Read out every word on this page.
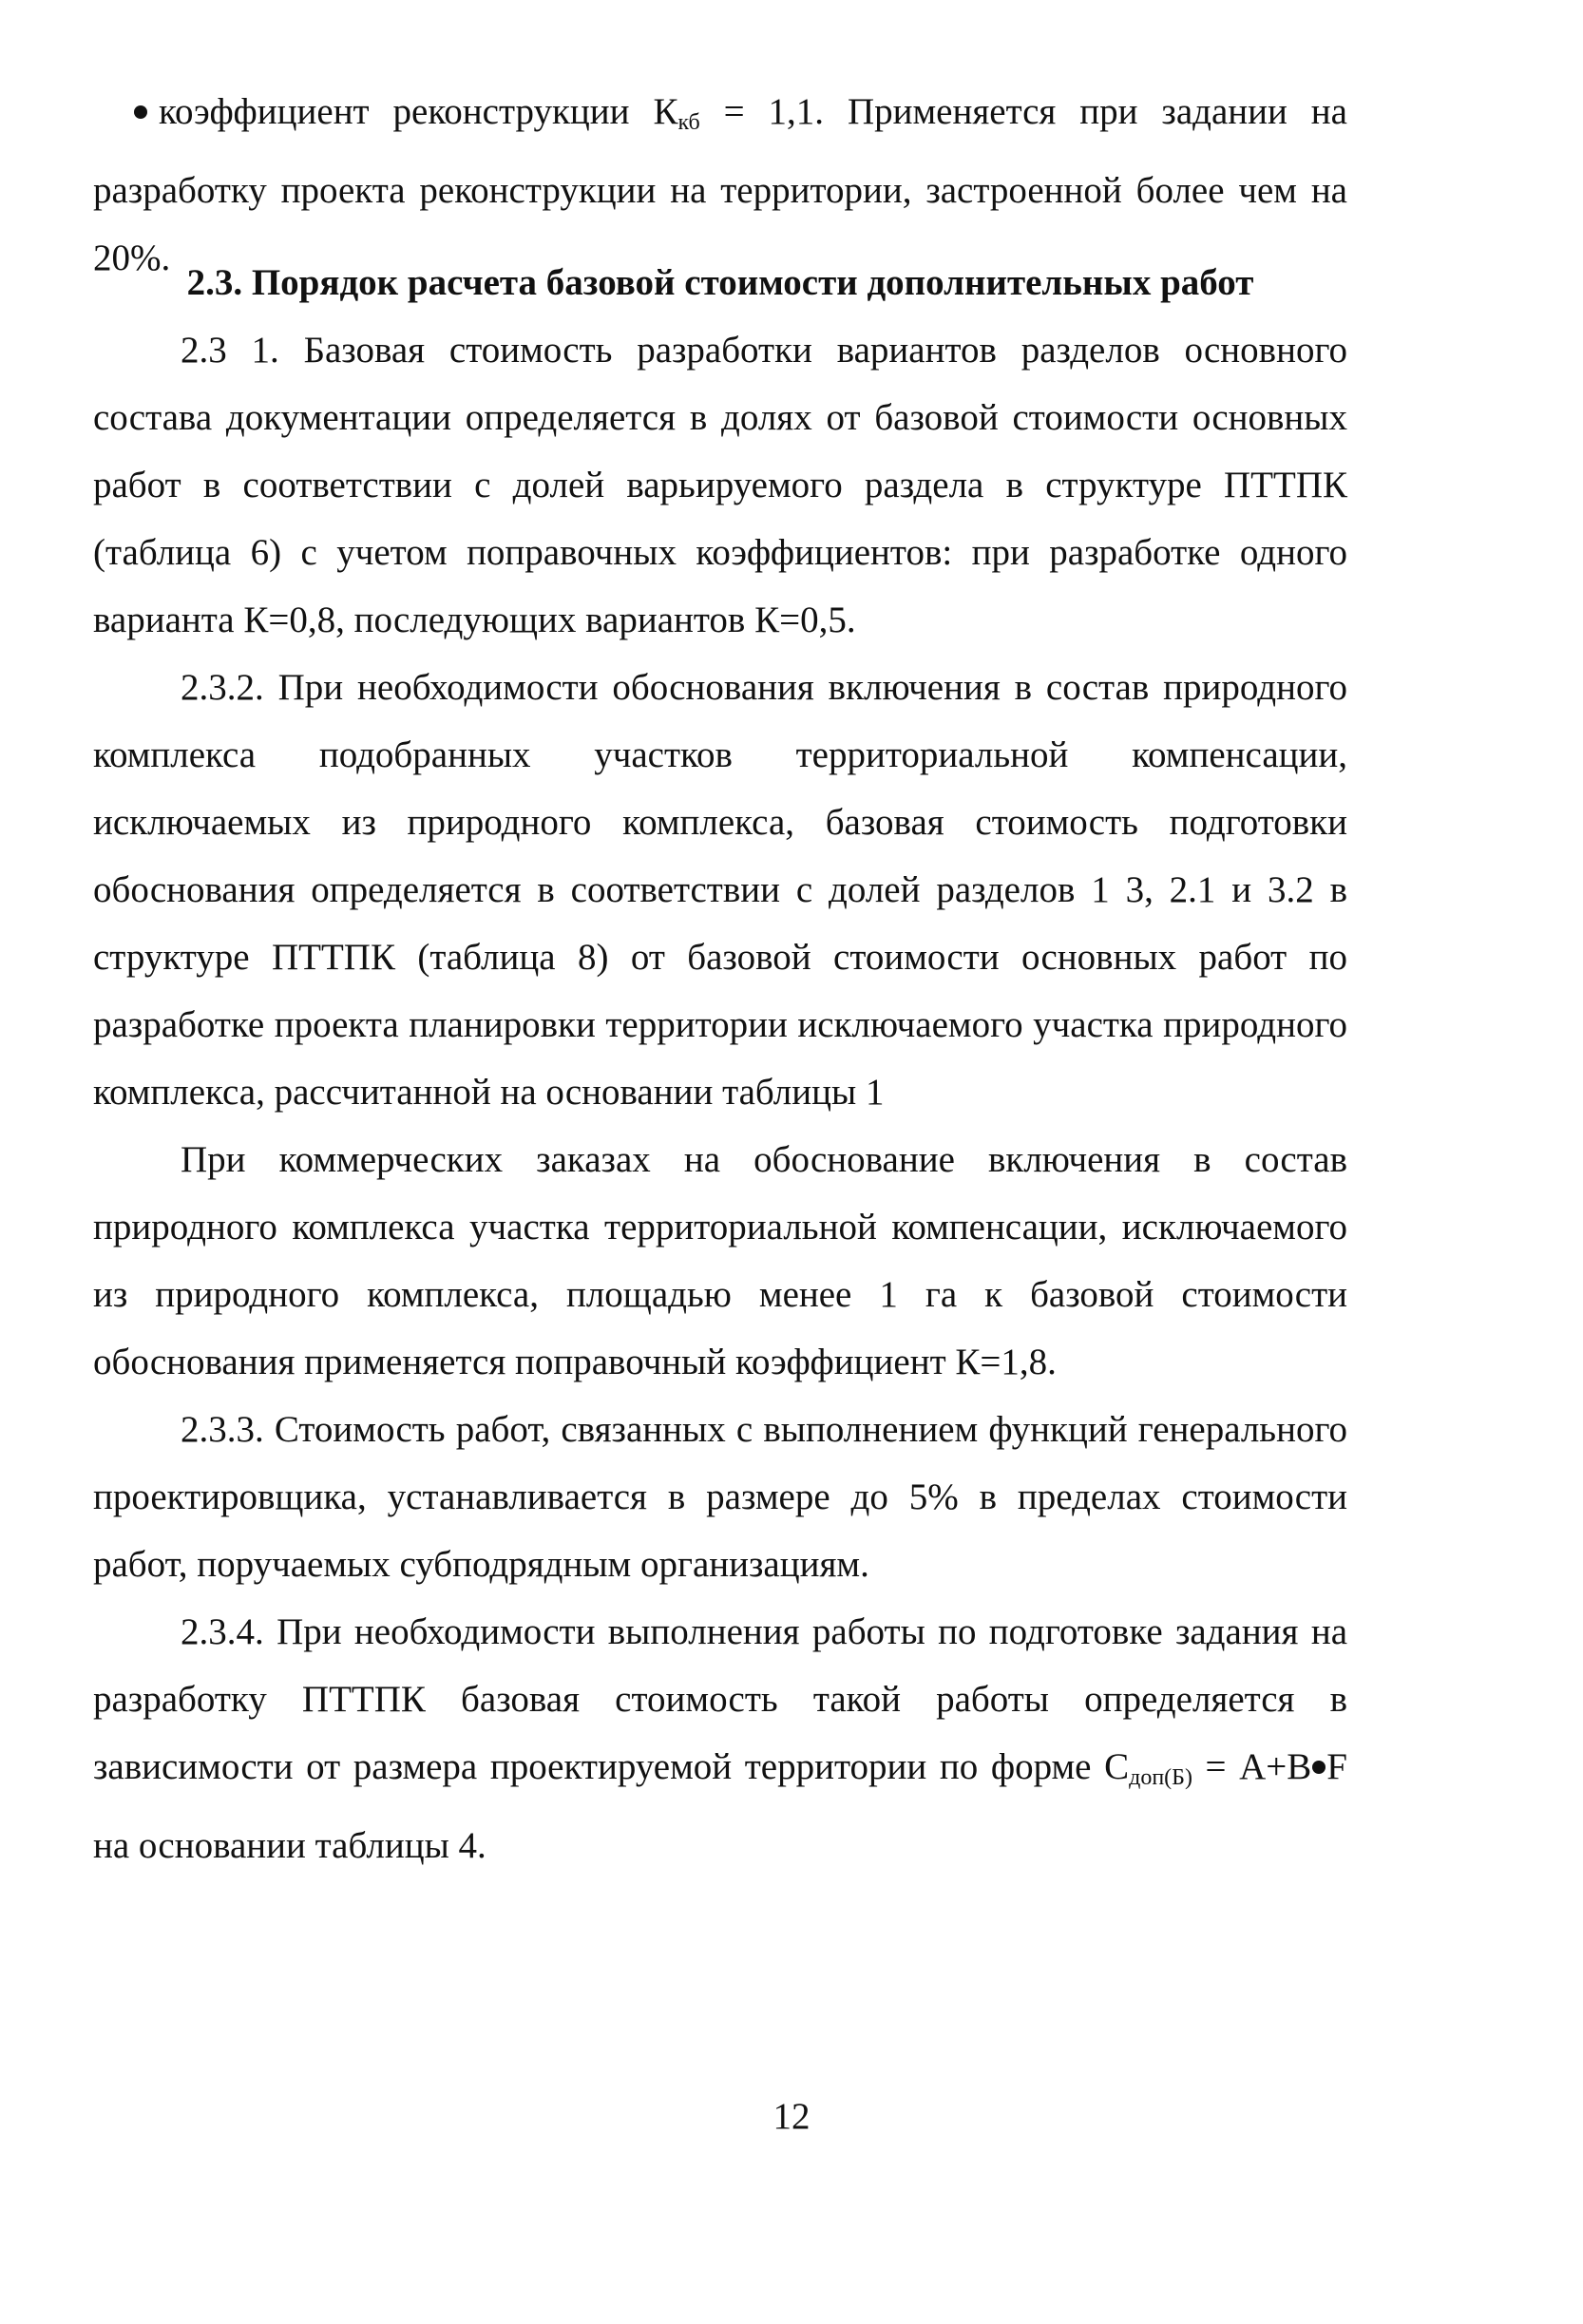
коэффициент реконструкции $К_{кб} = 1,1$. Применяется при задании на разработку проекта реконструкции на территории, застроенной более чем на 20%.

2.3. Порядок расчета базовой стоимости дополнительных работ

2.3 1. Базовая стоимость разработки вариантов разделов основного состава документации определяется в долях от базовой стоимости основных работ в соответствии с долей варьируемого раздела в структуре ПТТПК (таблица 6) с учетом поправочных коэффициентов: при разработке одного варианта К=0,8, последующих вариантов К=0,5.

2.3.2. При необходимости обоснования включения в состав природного комплекса подобранных участков территориальной компенсации, исключаемых из природного комплекса, базовая стоимость подготовки обоснования определяется в соответствии с долей разделов 1 3, 2.1 и 3.2 в структуре ПТТПК (таблица 8) от базовой стоимости основных работ по разработке проекта планировки территории исключаемого участка природного комплекса, рассчитанной на основании таблицы 1

При коммерческих заказах на обоснование включения в состав природного комплекса участка территориальной компенсации, исключаемого из природного комплекса, площадью менее 1 га к базовой стоимости обоснования применяется поправочный коэффициент К=1,8.

2.3.3. Стоимость работ, связанных с выполнением функций генерального проектировщика, устанавливается в размере до 5% в пределах стоимости работ, поручаемых субподрядным организациям.

2.3.4. При необходимости выполнения работы по подготовке задания на разработку ПТТПК базовая стоимость такой работы определяется в зависимости от размера проектируемой территории по форме $С_{доп(Б)} = А+В$ F на основании таблицы 4.

12
